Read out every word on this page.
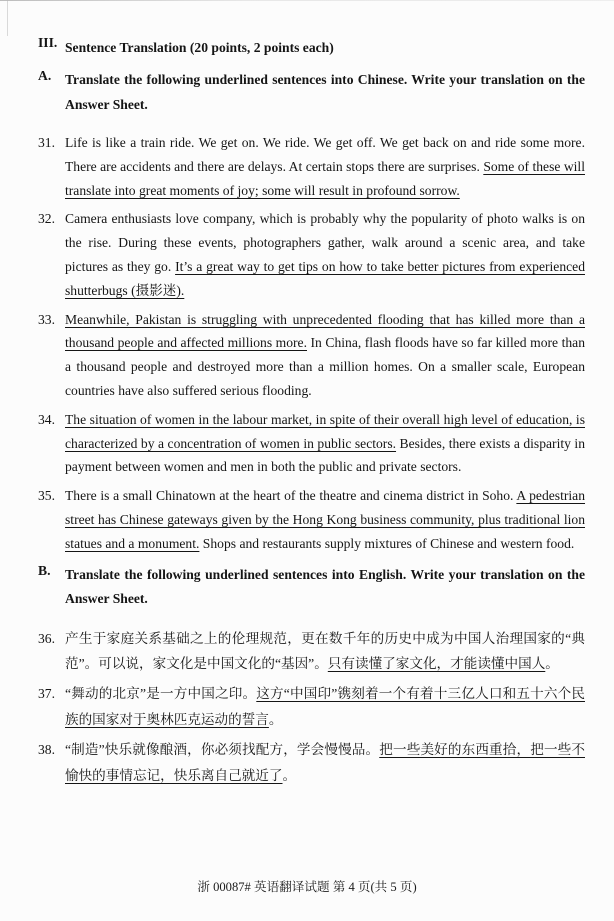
III. Sentence Translation (20 points, 2 points each)
A.	Translate the following underlined sentences into Chinese. Write your translation on the Answer Sheet.
31. Life is like a train ride. We get on. We ride. We get off. We get back on and ride some more. There are accidents and there are delays. At certain stops there are surprises. Some of these will translate into great moments of joy; some will result in profound sorrow.

32. Camera enthusiasts love company, which is probably why the popularity of photo walks is on the rise. During these events, photographers gather, walk around a scenic area, and take pictures as they go. It’s a great way to get tips on how to take better pictures from experienced shutterbugs (摄影迷).

33. Meanwhile, Pakistan is struggling with unprecedented flooding that has killed more than a thousand people and affected millions more. In China, flash floods have so far killed more than a thousand people and destroyed more than a million homes. On a smaller scale, European countries have also suffered serious flooding.

34. The situation of women in the labour market, in spite of their overall high level of education, is characterized by a concentration of women in public sectors. Besides, there exists a disparity in payment between women and men in both the public and private sectors.

35. There is a small Chinatown at the heart of the theatre and cinema district in Soho. A pedestrian street has Chinese gateways given by the Hong Kong business community, plus traditional lion statues and a monument. Shops and restaurants supply mixtures of Chinese and western food.

B.	Translate the following underlined sentences into English. Write your translation on the Answer Sheet.
36. 产生于家庭关系基础之上的伦理规范，更在数千年的历史中成为中国人治理国家的“典范”。可以说，家文化是中国文化的“基因”。只有读懂了家文化，才能读懂中国人。

37. “舞动的北京”是一方中国之印。这方“中国印”镌刻着一个有着十三亿人口和五十六个民族的国家对于奥林匹克运动的誓言。

38. “制造”快乐就像酿酒，你必须找配方，学会慢慢品。把一些美好的东西重拾，把一些不愉快的事情忘记，快乐离自己就近了。

浙 00087# 英语翻译试题 第 4 页(共 5 页)
